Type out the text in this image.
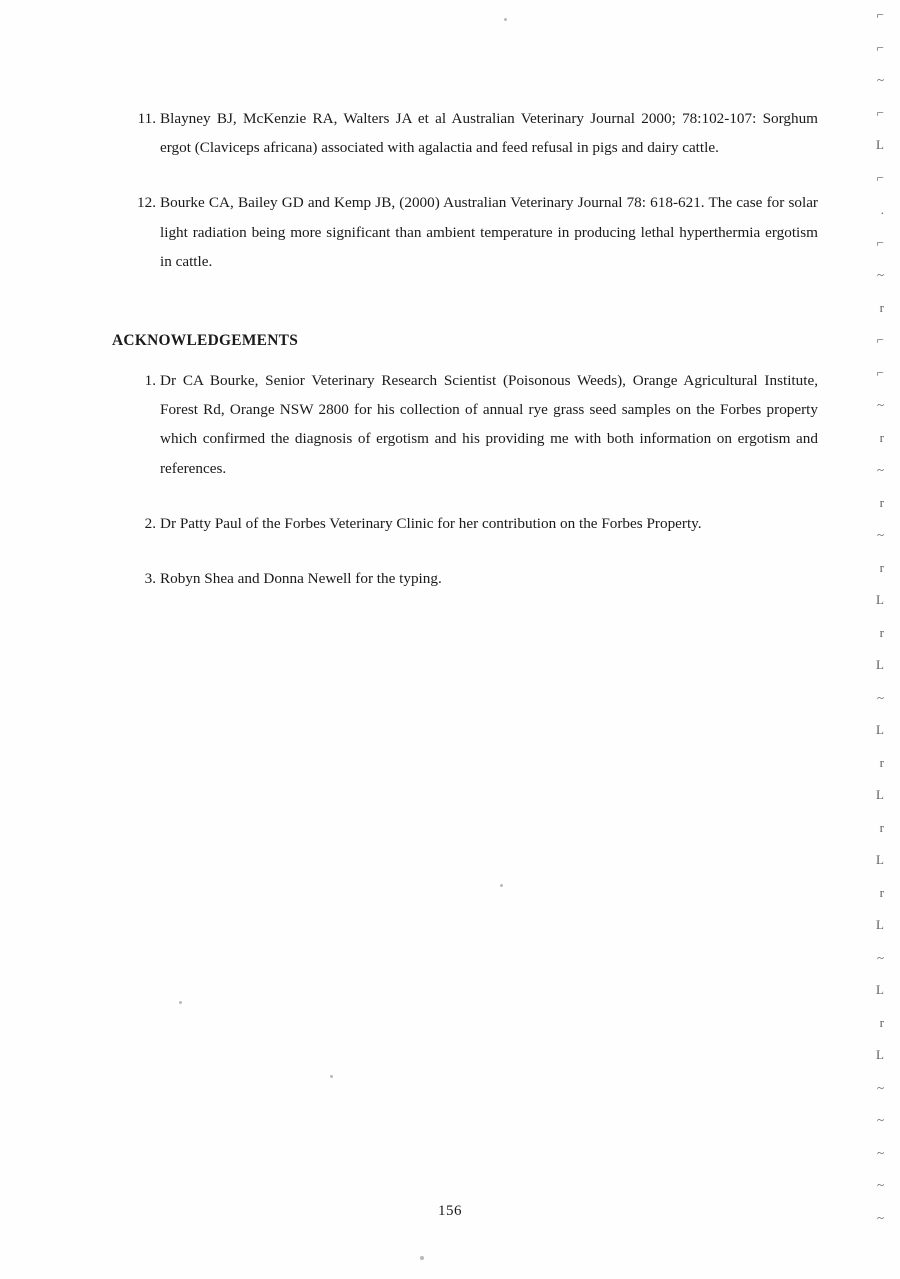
11. Blayney BJ, McKenzie RA, Walters JA et al Australian Veterinary Journal 2000; 78:102-107: Sorghum ergot (Claviceps africana) associated with agalactia and feed refusal in pigs and dairy cattle.
12. Bourke CA, Bailey GD and Kemp JB, (2000) Australian Veterinary Journal 78: 618-621. The case for solar light radiation being more significant than ambient temperature in producing lethal hyperthermia ergotism in cattle.
ACKNOWLEDGEMENTS
1. Dr CA Bourke, Senior Veterinary Research Scientist (Poisonous Weeds), Orange Agricultural Institute, Forest Rd, Orange NSW 2800 for his collection of annual rye grass seed samples on the Forbes property which confirmed the diagnosis of ergotism and his providing me with both information on ergotism and references.
2. Dr Patty Paul of the Forbes Veterinary Clinic for her contribution on the Forbes Property.
3. Robyn Shea and Donna Newell for the typing.
156
⌐
⌐
~
⌐
L
⌐
.
⌐
~
r
⌐
⌐
~
r
~
r
~
r
L
r
L
~
L
r
L
r
L
r
L
~
L
r
L
~
~
~
~
~
